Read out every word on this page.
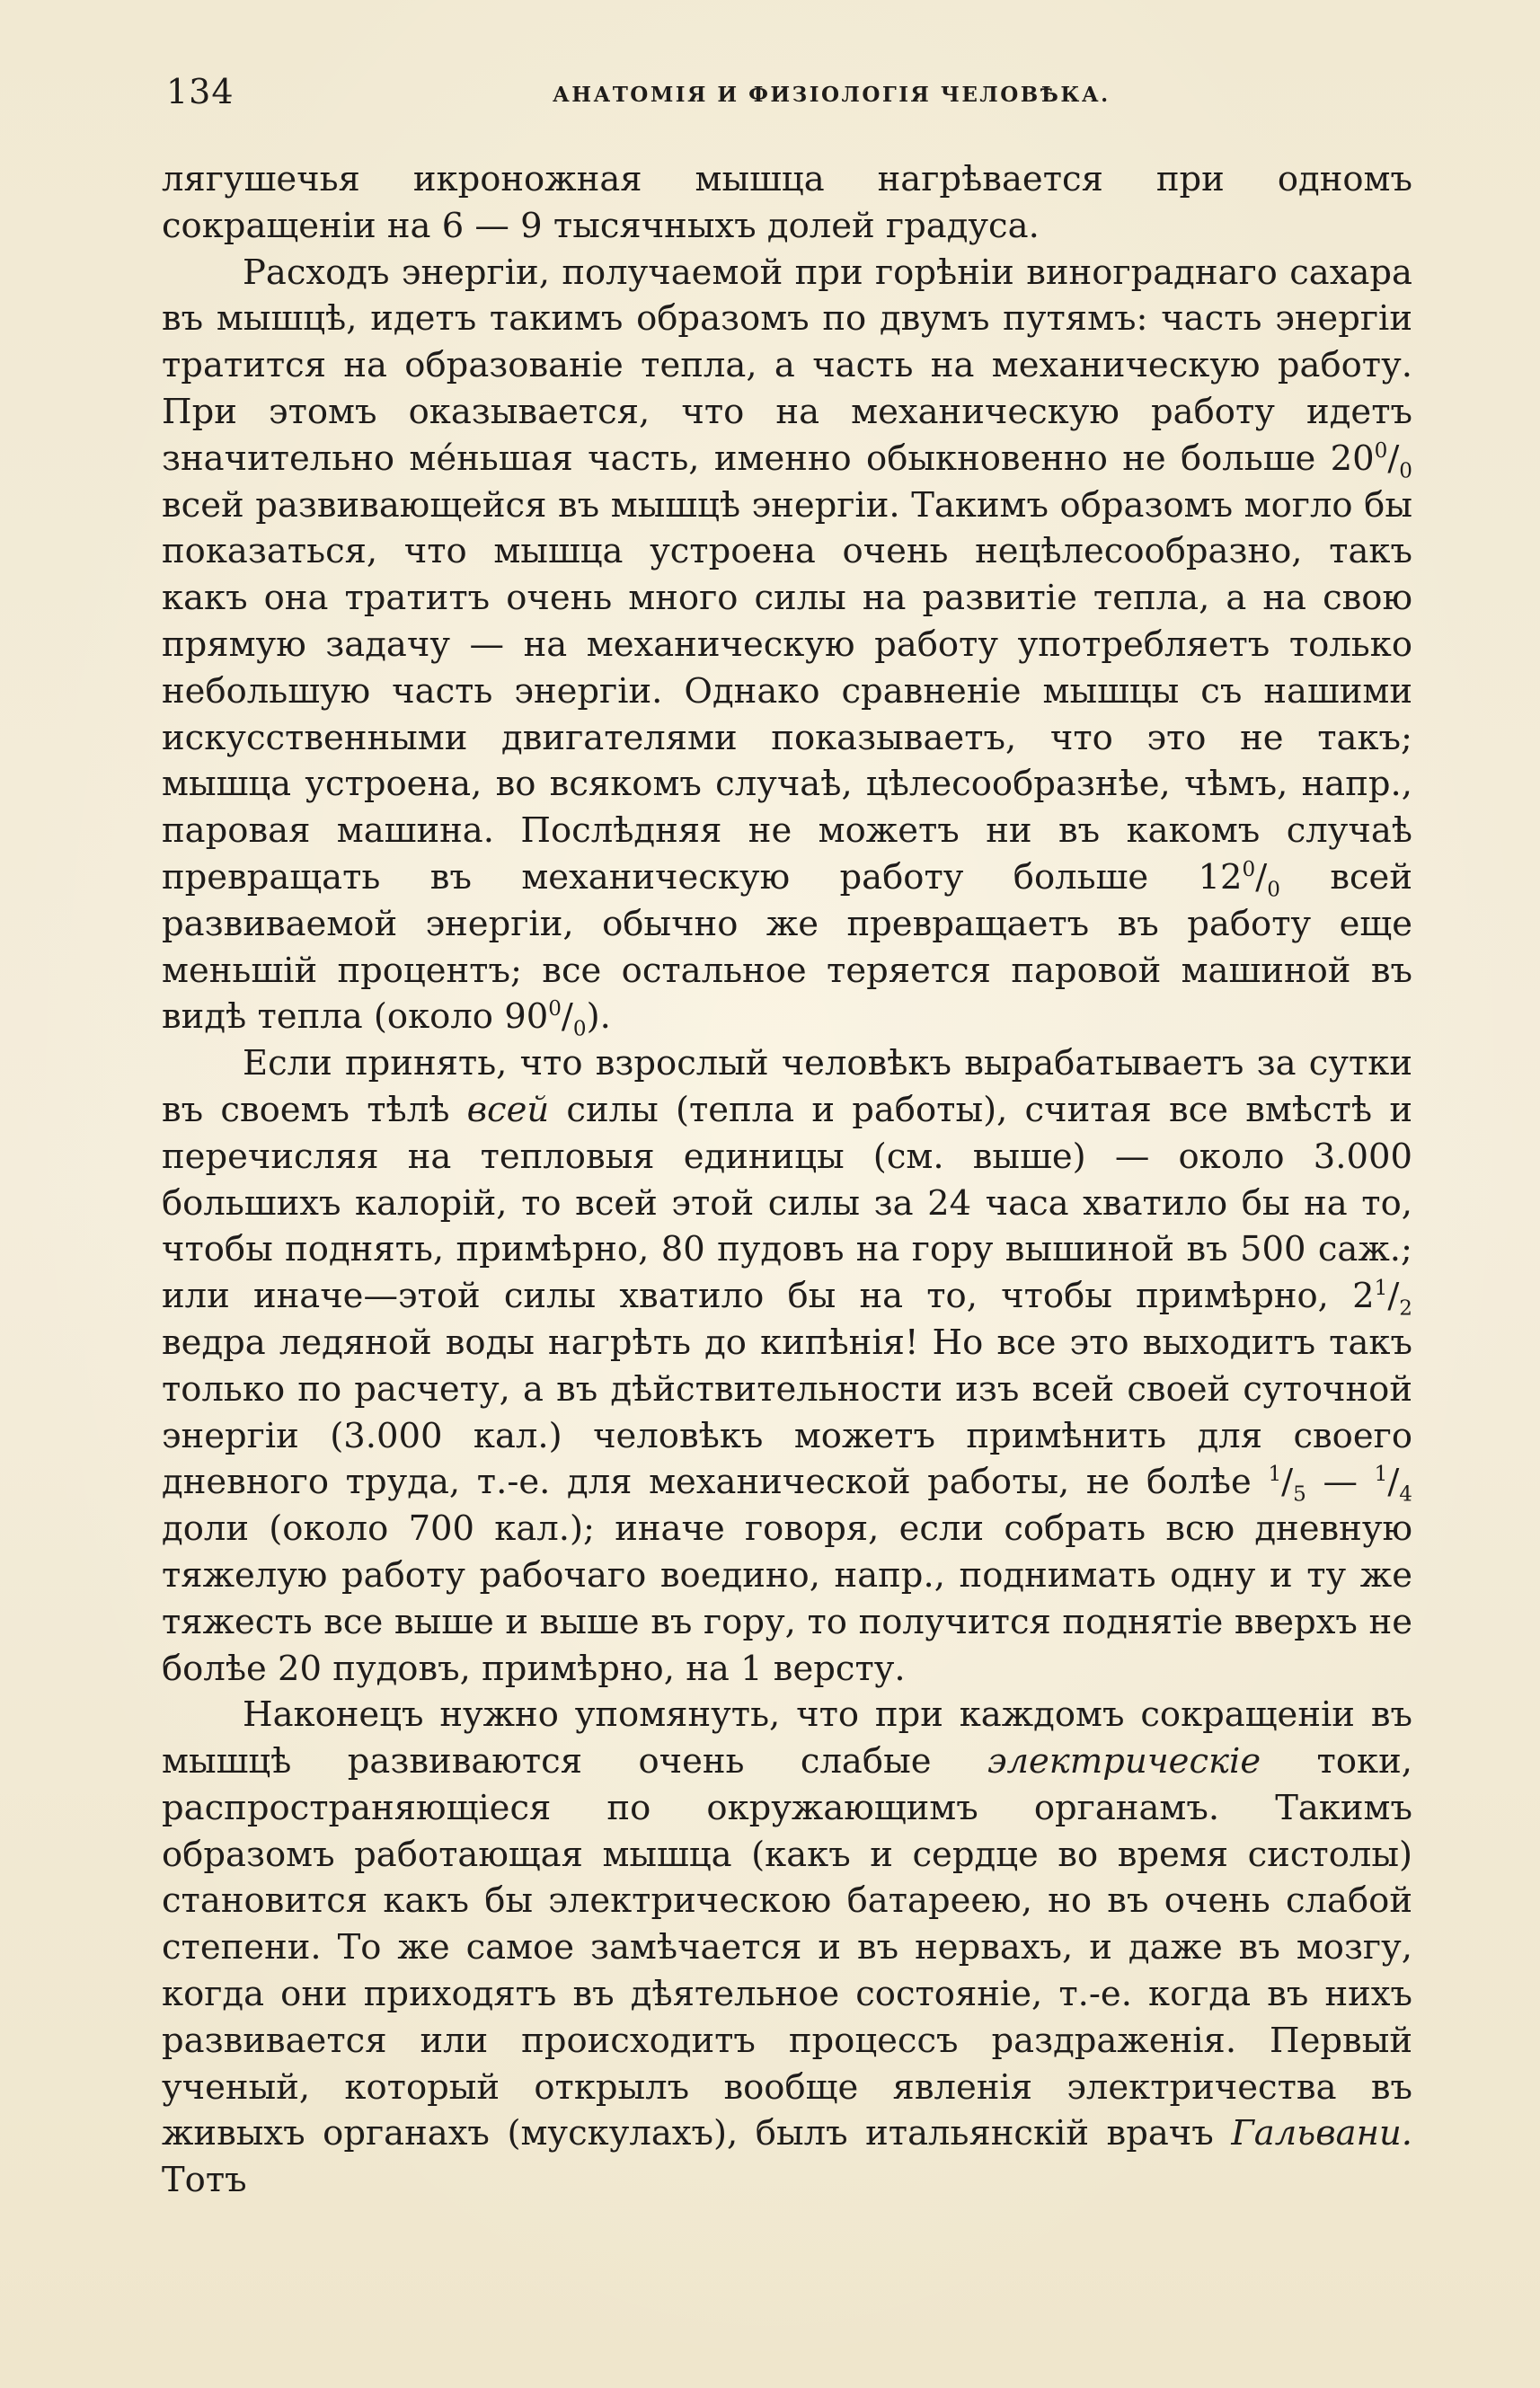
134	АНАТОМІЯ И ФИЗІОЛОГІЯ ЧЕЛОВѢКА.

лягушечья икроножная мышца нагрѣвается при одномъ сокращеніи на 6 — 9 тысячныхъ долей градуса.

Расходъ энергіи, получаемой при горѣніи винограднаго сахара въ мышцѣ, идетъ такимъ образомъ по двумъ путямъ: часть энергіи тратится на образованіе тепла, а часть на механическую работу. При этомъ оказывается, что на механическую работу идетъ значительно ме́ньшая часть, именно обыкновенно не больше $20^0/_0$ всей развивающейся въ мышцѣ энергіи. Такимъ образомъ могло бы показаться, что мышца устроена очень нецѣлесообразно, такъ какъ она тратитъ очень много силы на развитіе тепла, а на свою прямую задачу — на механическую работу употребляетъ только небольшую часть энергіи. Однако сравненіе мышцы съ нашими искусственными двигателями показываетъ, что это не такъ; мышца устроена, во всякомъ случаѣ, цѣлесообразнѣе, чѣмъ, напр., паровая машина. Послѣдняя не можетъ ни въ какомъ случаѣ превращать въ механическую работу больше $12^0/_0$ всей развиваемой энергіи, обычно же превращаетъ въ работу еще меньшій процентъ; все остальное теряется паровой машиной въ видѣ тепла (около $90^0/_0$).

Если принять, что взрослый человѣкъ вырабатываетъ за сутки въ своемъ тѣлѣ всей силы (тепла и работы), считая все вмѣстѣ и перечисляя на тепловыя единицы (см. выше) — около 3.000 большихъ калорій, то всей этой силы за 24 часа хватило бы на то, чтобы поднять, примѣрно, 80 пудовъ на гору вышиной въ 500 саж.; или иначе—этой силы хватило бы на то, чтобы примѣрно, $2^1/_2$ ведра ледяной воды нагрѣть до кипѣнія! Но все это выходитъ такъ только по расчету, а въ дѣйствительности изъ всей своей суточной энергіи (3.000 кал.) человѣкъ можетъ примѣнить для своего дневного труда, т.-е. для механической работы, не болѣе $^1/_5$ — $^1/_4$ доли (около 700 кал.); иначе говоря, если собрать всю дневную тяжелую работу рабочаго воедино, напр., поднимать одну и ту же тяжесть все выше и выше въ гору, то получится поднятіе вверхъ не болѣе 20 пудовъ, примѣрно, на 1 версту.

Наконецъ нужно упомянуть, что при каждомъ сокращеніи въ мышцѣ развиваются очень слабые электрическіе токи, распространяющіеся по окружающимъ органамъ. Такимъ образомъ работающая мышца (какъ и сердце во время систолы) становится какъ бы электрическою батареею, но въ очень слабой степени. То же самое замѣчается и въ нервахъ, и даже въ мозгу, когда они приходятъ въ дѣятельное состояніе, т.-е. когда въ нихъ развивается или происходитъ процессъ раздраженія. Первый ученый, который открылъ вообще явленія электричества въ живыхъ органахъ (мускулахъ), былъ итальянскій врачъ Гальвани. Тотъ
